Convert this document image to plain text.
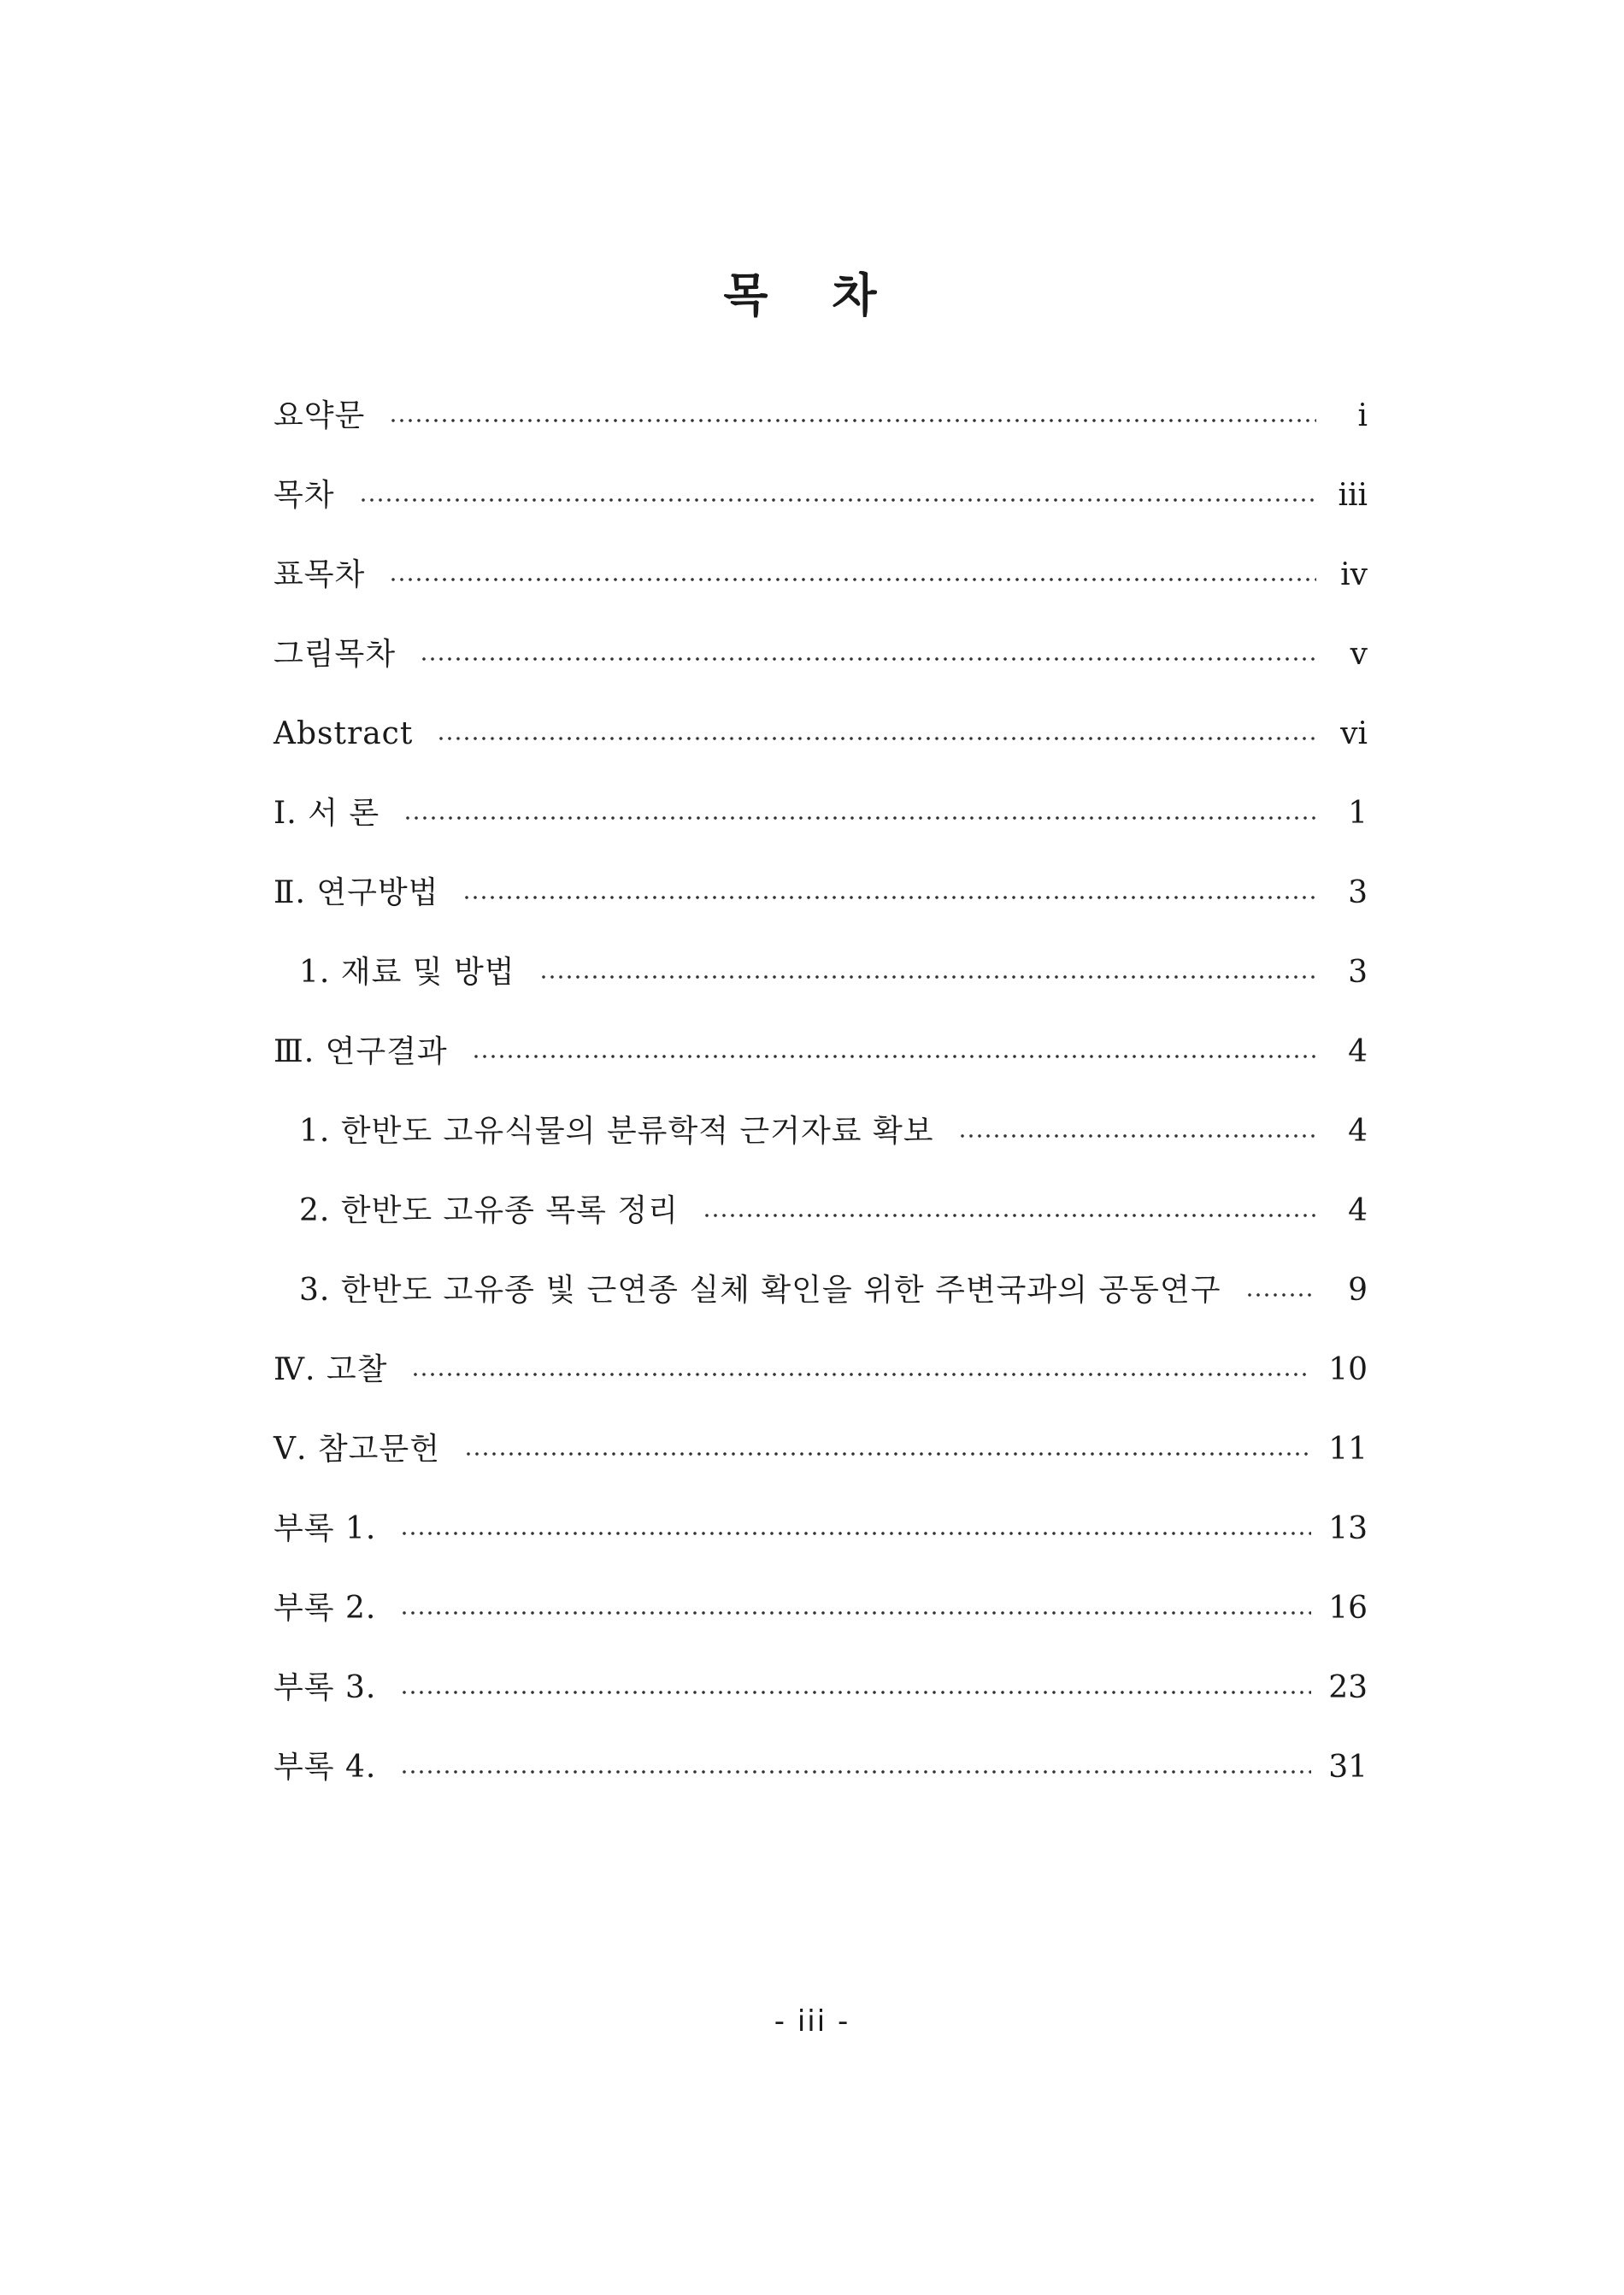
목 차
요약문	i
목차	iii
표목차	iv
그림목차	v
Abstract	vi
Ⅰ. 서 론	1
Ⅱ. 연구방법	3
1. 재료 및 방법	3
Ⅲ. 연구결과	4
1. 한반도 고유식물의 분류학적 근거자료 확보	4
2. 한반도 고유종 목록 정리	4
3. 한반도 고유종 빛 근연종 실체 확인을 위한 주변국과의 공동연구	9
Ⅳ. 고찰	10
Ⅴ. 참고문헌	11
부록 1.	13
부록 2.	16
부록 3.	23
부록 4.	31
- iii -
